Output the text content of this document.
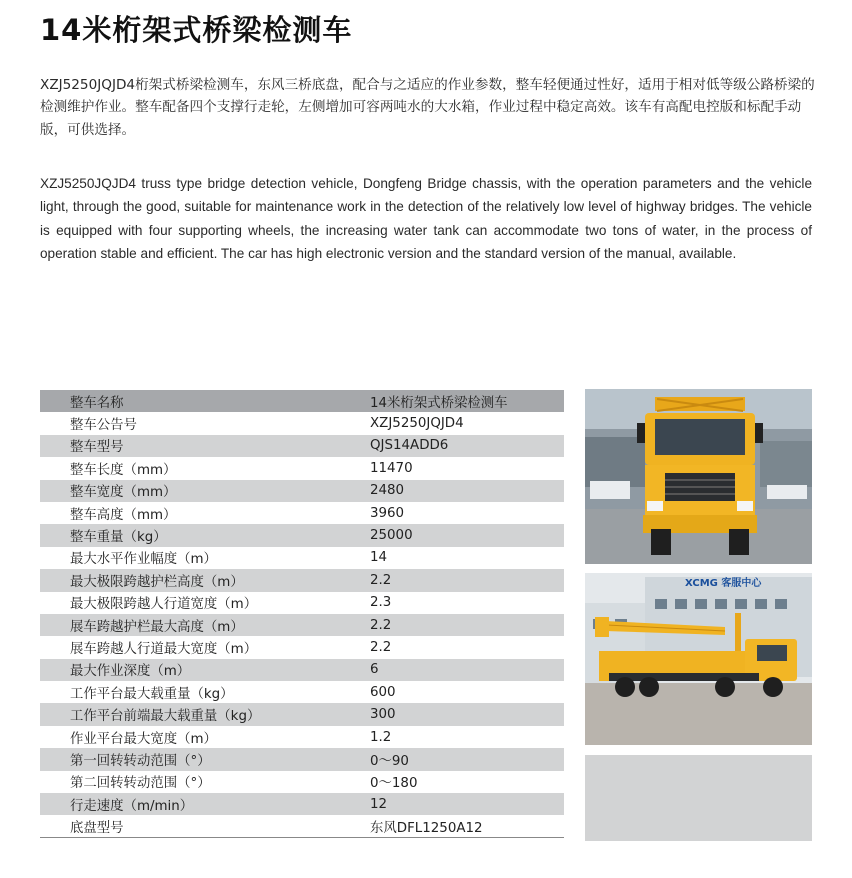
14米桁架式桥梁检测车
XZJ5250JQJD4桁架式桥梁检测车，东风三桥底盘，配合与之适应的作业参数，整车轻便通过性好，适用于相对低等级公路桥梁的检测维护作业。整车配备四个支撑行走轮，左侧增加可容两吨水的大水箱，作业过程中稳定高效。该车有高配电控版和标配手动版，可供选择。
XZJ5250JQJD4 truss type bridge detection vehicle, Dongfeng Bridge chassis, with the operation parameters and the vehicle light, through the good, suitable for maintenance work in the detection of the relatively low level of highway bridges. The vehicle is equipped with four supporting wheels, the increasing water tank can accommodate two tons of water, in the process of operation stable and efficient. The car has high electronic version and the standard version of the manual, available.
整车名称	14米桁架式桥梁检测车
整车公告号	XZJ5250JQJD4
整车型号	QJS14ADD6
整车长度（mm）	11470
整车宽度（mm）	2480
整车高度（mm）	3960
整车重量（kg）	25000
最大水平作业幅度（m）	14
最大极限跨越护栏高度（m）	2.2
最大极限跨越人行道宽度（m）	2.3
展车跨越护栏最大高度（m）	2.2
展车跨越人行道最大宽度（m）	2.2
最大作业深度（m）	6
工作平台最大载重量（kg）	600
工作平台前端最大载重量（kg）	300
作业平台最大宽度（m）	1.2
第一回转转动范围（°）	0～90
第二回转转动范围（°）	0～180
行走速度（m/min）	12
底盘型号	东风DFL1250A12
XCMG 客服中心
